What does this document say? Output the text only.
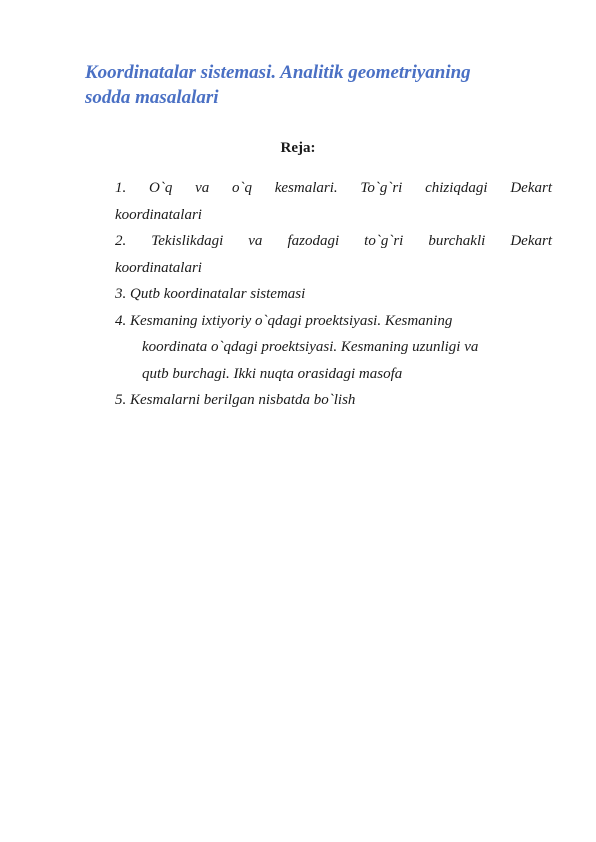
Koordinatalar sistemasi. Analitik geometriyaning
sodda masalalari
Reja:
1. O`q va o`q kesmalari. To`g`ri chiziqdagi Dekart
koordinatalari
2. Tekislikdagi va fazodagi to`g`ri burchakli Dekart
koordinatalari
3. Qutb koordinatalar sistemasi
4. Kesmaning ixtiyoriy o`qdagi proektsiyasi. Kesmaning
koordinata o`qdagi proektsiyasi. Kesmaning uzunligi va
qutb burchagi. Ikki nuqta orasidagi masofa
5. Kesmalarni berilgan nisbatda bo`lish
